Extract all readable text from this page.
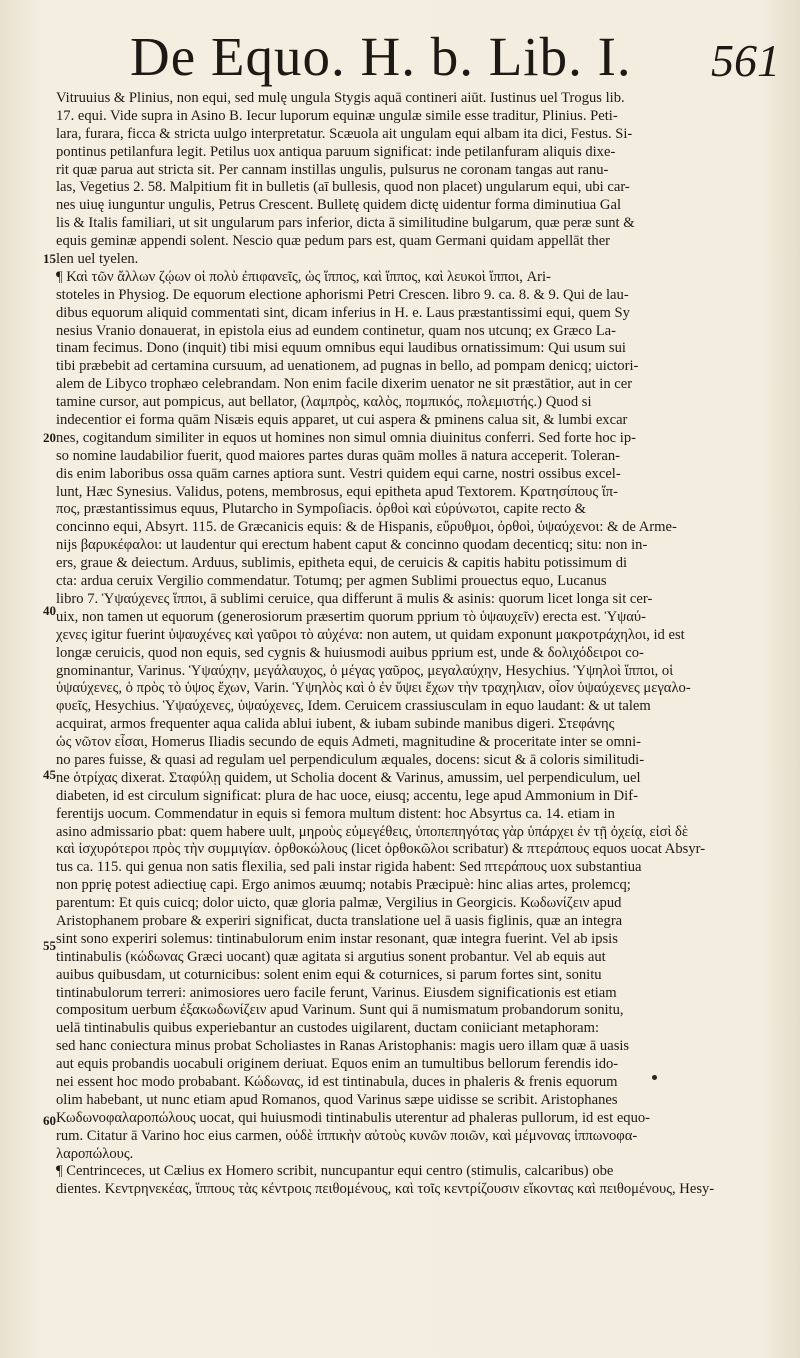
De Equo. H. b. Lib. I. 561
15
20
40
45
55
60
Vitruuius & Plinius, non equi, sed mulę ungula Stygis aquā contineri aiūt. Iustinus uel Trogus lib.
17. equi. Vide supra in Asino B. Iecur luporum equinæ ungulæ simile esse traditur, Plinius. Peti-
lara, furara, ficca & stricta uulgo interpretatur. Scæuola ait ungulam equi albam ita dici, Festus. Si-
pontinus petilanfura legit. Petilus uox antiqua paruum significat: inde petilanfuram aliquis dixe-
rit quæ parua aut stricta sit. Per cannam instillas ungulis, pulsurus ne coronam tangas aut ranu-
las, Vegetius 2. 58. Malpitium fit in bulletis (aī bullesis, quod non placet) ungularum equi, ubi car-
nes uiuę iunguntur ungulis, Petrus Crescent. Bulletę quidem dictę uidentur forma diminutiua Gal
lis & Italis familiari, ut sit ungularum pars inferior, dicta ā similitudine bulgarum, quæ peræ sunt &
equis geminæ appendi solent. Nescio quæ pedum pars est, quam Germani quidam appellāt ther
len uel tyelen.
¶ Καὶ τῶν ἄλλων ζῴων οἱ πολὺ ἐπιφανεῖς, ὡς ἵππος, καὶ ἵππος, καὶ λευκοὶ ἵπποι, Ari-
stoteles in Physiog. De equorum electione aphorismi Petri Crescen. libro 9. ca. 8. & 9. Qui de lau-
dibus equorum aliquid commentati sint, dicam inferius in H. e. Laus præstantissimi equi, quem Sy
nesius Vranio donauerat, in epistola eius ad eundem continetur, quam nos utcunq; ex Græco La-
tinam fecimus. Dono (inquit) tibi misi equum omnibus equi laudibus ornatissimum: Qui usum sui
tibi præbebit ad certamina cursuum, ad uenationem, ad pugnas in bello, ad pompam denicq; uictori-
alem de Libyco trophæo celebrandam. Non enim facile dixerim uenator ne sit præstātior, aut in cer
tamine cursor, aut pompicus, aut bellator, (λαμπρὸς, καλὸς, πομπικός, πολεμιστής.) Quod si
indecentior ei forma quām Nisæis equis apparet, ut cui aspera & pminens calua sit, & lumbi excar
nes, cogitandum similiter in equos ut homines non simul omnia diuinitus conferri. Sed forte hoc ip-
so nomine laudabilior fuerit, quod maiores partes duras quām molles ā natura acceperit. Toleran-
dis enim laboribus ossa quām carnes aptiora sunt. Vestri quidem equi carne, nostri ossibus excel-
lunt, Hæc Synesius. Validus, potens, membrosus, equi epitheta apud Textorem. Κρατησίπους ἵπ-
πος, præstantissimus equus, Plutarcho in Sympoſiacis. ὀρθοὶ καὶ εὐρύνωτοι, capite recto &
concinno equi, Absyrt. 115. de Græcanicis equis: & de Hispanis, εὔρυθμοι, ὀρθοὶ, ὑψαύχενοι: & de Arme-
nijs βαρυκέφαλοι: ut laudentur qui erectum habent caput & concinno quodam decenticq; situ: non in-
ers, graue & deiectum. Arduus, sublimis, epitheta equi, de ceruicis & capitis habitu potissimum di
cta: ardua ceruix Vergilio commendatur. Totumq; per agmen Sublimi prouectus equo, Lucanus
libro 7. Ὑψαύχενες ἵπποι, ā sublimi ceruice, qua differunt ā mulis & asinis: quorum licet longa sit cer-
uix, non tamen ut equorum (generosiorum præsertim quorum pprium τὸ ὑψαυχεῖν) erecta est. Ὑψαύ-
χενες igitur fuerint ὑψαυχένες καὶ γαῦροι τὸ αὐχένα: non autem, ut quidam exponunt μακροτράχηλοι, id est
longæ ceruicis, quod non equis, sed cygnis & huiusmodi auibus pprium est, unde & δολιχόδειροι co-
gnominantur, Varinus. Ὑψαύχην, μεγάλαυχος, ὁ μέγας γαῦρος, μεγαλαύχην, Hesychius. Ὑψηλοὶ ἵπποι, οἱ
ὑψαύχενες, ὁ πρὸς τὸ ὑψος ἔχων, Varin. Ὑψηλὸς καὶ ὁ ἐν ὕψει ἔχων τὴν τραχηλιαν, οἷον ὑψαύχενες μεγαλο-
φυεῖς, Hesychius. Ὑψαύχενες, ὑψαύχενες, Idem. Ceruicem crassiusculam in equo laudant: & ut talem
acquirat, armos frequenter aqua calida ablui iubent, & iubam subinde manibus digeri. Στεφάνης
ὡς νῶτον εἶσαι, Homerus Iliadis secundo de equis Admeti, magnitudine & proceritate inter se omni-
no pares fuisse, & quasi ad regulam uel perpendiculum æquales, docens: sicut & ā coloris similitudi-
ne ὁτρίχας dixerat. Σταφύλῃ quidem, ut Scholia docent & Varinus, amussim, uel perpendiculum, uel
diabeten, id est circulum significat: plura de hac uoce, eiusq; accentu, lege apud Ammonium in Dif-
ferentijs uocum. Commendatur in equis si femora multum distent: hoc Absyrtus ca. 14. etiam in
asino admissario pbat: quem habere uult, μηροὺς εὐμεγέθεις, ὑποπεπηγότας γὰρ ὑπάρχει ἐν τῇ ὀχείᾳ, εἰσὶ δὲ
καὶ ἰσχυρότεροι πρὸς τὴν συμμιγίαν. ὀρθοκώλους (licet ὀρθοκῶλοι scribatur) & πτεράπους equos uocat Absyr-
tus ca. 115. qui genua non satis flexilia, sed pali instar rigida habent: Sed πτεράπους uox substantiua
non pprię potest adiectiuę capi. Ergo animos æuumq; notabis Præcipuè: hinc alias artes, prolemcq;
parentum: Et quis cuicq; dolor uicto, quæ gloria palmæ, Vergilius in Georgicis. Κωδωνίζειν apud
Aristophanem probare & experiri significat, ducta translatione uel ā uasis figlinis, quæ an integra
sint sono experiri solemus: tintinabulorum enim instar resonant, quæ integra fuerint. Vel ab ipsis
tintinabulis (κώδωνας Græci uocant) quæ agitata si argutius sonent probantur. Vel ab equis aut
auibus quibusdam, ut coturnicibus: solent enim equi & coturnices, si parum fortes sint, sonitu
tintinabulorum terreri: animosiores uero facile ferunt, Varinus. Eiusdem significationis est etiam
compositum uerbum ἐξακωδωνίζειν apud Varinum. Sunt qui ā numismatum probandorum sonitu,
uelā tintinabulis quibus experiebantur an custodes uigilarent, ductam coniiciant metaphoram:
sed hanc coniectura minus probat Scholiastes in Ranas Aristophanis: magis uero illam quæ ā uasis
aut equis probandis uocabuli originem deriuat. Equos enim an tumultibus bellorum ferendis ido-
nei essent hoc modo probabant. Κώδωνας, id est tintinabula, duces in phaleris & frenis equorum
olim habebant, ut nunc etiam apud Romanos, quod Varinus sæpe uidisse se scribit. Aristophanes
Κωδωνοφαλαροπώλους uocat, qui huiusmodi tintinabulis uterentur ad phaleras pullorum, id est equo-
rum. Citatur ā Varino hoc eius carmen, οὐδὲ ἱππικὴν αὐτοὺς κυνῶν ποιῶν, καὶ μέμνονας ἱππωνοφα-
λαροπώλους.
¶ Centrinceces, ut Cælius ex Homero scribit, nuncupantur equi centro (stimulis, calcaribus) obe
dientes. Κεντρηνεκέας, ἵππους τὰς κέντροις πειθομένους, καὶ τοῖς κεντρίζουσιν εἴκοντας καὶ πειθομένους, Hesy-
